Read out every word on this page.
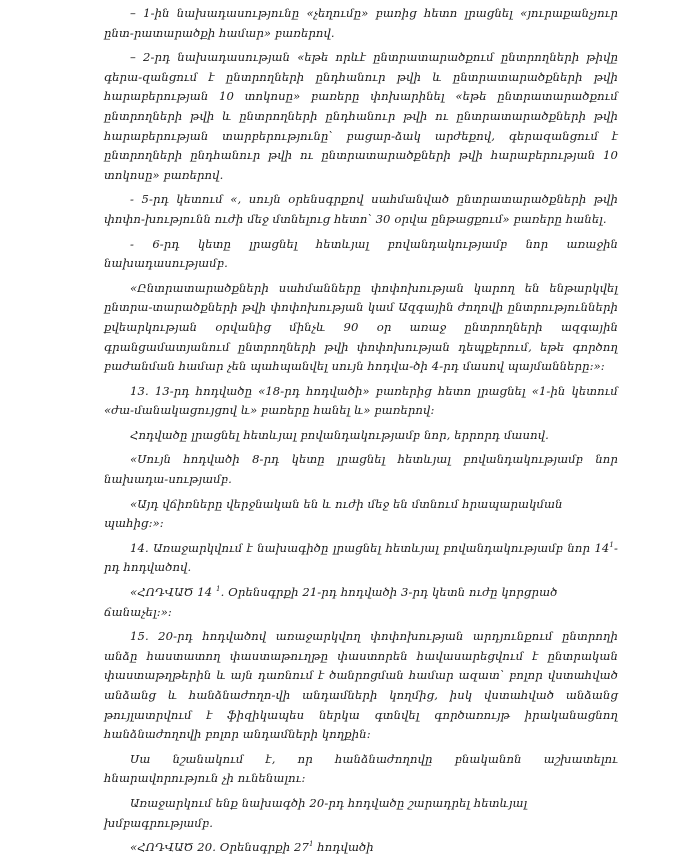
– 1-ին նախադասությունը «չեղումը» բառից հետո լրացնել «յուրաքանչյուր ընտ-րատարածքի համար» բառերով.

– 2-րդ նախադասության «եթե որևէ ընտրատարածքում ընտրողների թիվը գերա-զանցում է ընտրողների ընդհանուր թվի և ընտրատարածքների թվի հարաբերության 10 տոկոսը» բառերը փոխարինել «եթե ընտրատարածքում ընտրողների թվի և ընտրողների ընդհանուր թվի ու ընտրատարածքների թվի հարաբերության տարբերությունը՝ բացար-ձակ արժեքով, գերազանցում է ընտրողների ընդհանուր թվի ու ընտրատարածքների թվի հարաբերության 10 տոկոսը» բառերով.

- 5-րդ կետում «, սույն օրենսգրքով սահմանված ընտրատարածքների թվի փոփո-խությունն ուժի մեջ մտնելուց հետո՝ 30 օրվա ընթացքում» բառերը հանել.

- 6-րդ կետը լրացնել հետևյալ բովանդակությամբ նոր առաջին նախադասությամբ.

«Ընտրատարածքների սահմանները փոփոխության կարող են ենթարկվել ընտրա-տարածքների թվի փոփոխության կամ Ազգային ժողովի ընտրությունների քվեարկության օրվանից մինչև 90 օր առաջ ընտրողների ազգային գրանցամատյանում ընտրողների թվի փոփոխության դեպքերում, եթե գործող բաժանման համար չեն պահպանվել սույն հոդվա-ծի 4-րդ մասով պայմանները:»:

13. 13-րդ հոդվածը «18-րդ հոդվածի» բառերից հետո լրացնել «1-ին կետում «ժա-մանակացույցով և» բառերը հանել և» բառերով:

Հոդվածը լրացնել հետևյալ բովանդակությամբ նոր, երրորդ մասով.

«Սույն հոդվածի 8-րդ կետը լրացնել հետևյալ բովանդակությամբ նոր նախադա-սությամբ.

«Այդ վճիռները վերջնական են և ուժի մեջ են մտնում հրապարակման պահից:»:

14. Առաջարկվում է նախագիծը լրացնել հետևյալ բովանդակությամբ նոր $14^1-րդ$ հոդվածով.

«ՀՈԴՎԱԾ 14 $^1$. Օրենսգրքի 21-րդ հոդվածի 3-րդ կետն ուժը կորցրած ճանաչել:»:

15. 20-րդ հոդվածով առաջարկվող փոփոխության արդյունքում ընտրողի անձը հաստատող փաստաթուղթը փաստորեն հավասարեցվում է ընտրական փաստաթղթերին և այն դառնում է ծանրոցման համար ազատ՝ բոլոր վստահված անձանց և հանձնաժողո-վի անդամների կողմից, իսկ վստահված անձանց թույլատրվում է ֆիզիկապես ներկա գտնվել գործառույթ իրականացնող հանձնաժողովի բոլոր անդամների կողքին:

Սա նշանակում է, որ հանձնաժողովը բնականոն աշխատելու հնարավորություն չի ունենալու:

Առաջարկում ենք նախագծի 20-րդ հոդվածը շարադրել հետևյալ խմբագրությամբ.

«ՀՈԴՎԱԾ 20. Օրենսգրքի $27^1$ հոդվածի
